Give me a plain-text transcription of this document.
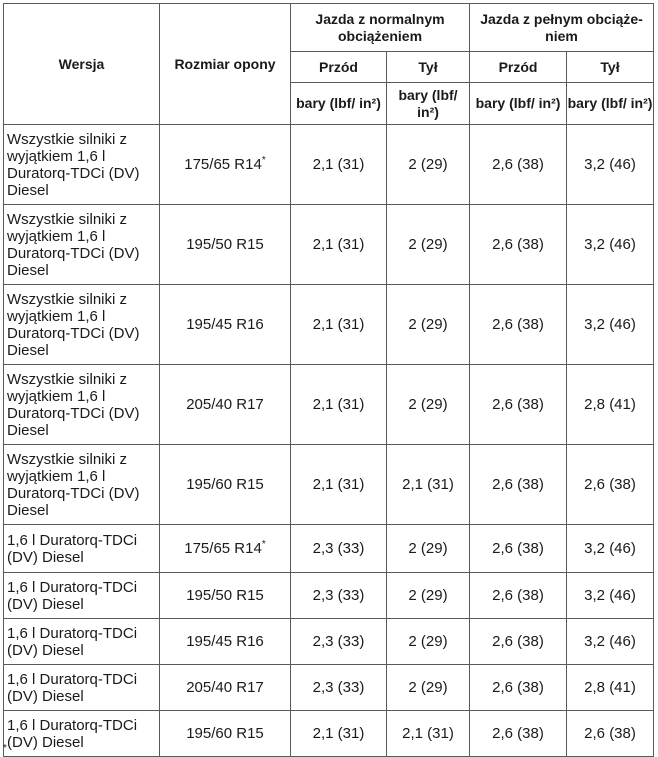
Wersja	Rozmiar opony	Jazda z normalnym obciążeniem		Jazda z pełnym obciąże-niem	
		Przód	Tył	Przód	Tył
		bary (lbf/ in²)	bary (lbf/ in²)	bary (lbf/ in²)	bary (lbf/ in²)
Wszystkie silniki z wyjątkiem 1,6 l Duratorq-TDCi (DV) Diesel	175/65 R14*	2,1 (31)	2 (29)	2,6 (38)	3,2 (46)
Wszystkie silniki z wyjątkiem 1,6 l Duratorq-TDCi (DV) Diesel	195/50 R15	2,1 (31)	2 (29)	2,6 (38)	3,2 (46)
Wszystkie silniki z wyjątkiem 1,6 l Duratorq-TDCi (DV) Diesel	195/45 R16	2,1 (31)	2 (29)	2,6 (38)	3,2 (46)
Wszystkie silniki z wyjątkiem 1,6 l Duratorq-TDCi (DV) Diesel	205/40 R17	2,1 (31)	2 (29)	2,6 (38)	2,8 (41)
Wszystkie silniki z wyjątkiem 1,6 l Duratorq-TDCi (DV) Diesel	195/60 R15	2,1 (31)	2,1 (31)	2,6 (38)	2,6 (38)
1,6 l Duratorq-TDCi (DV) Diesel	175/65 R14*	2,3 (33)	2 (29)	2,6 (38)	3,2 (46)
1,6 l Duratorq-TDCi (DV) Diesel	195/50 R15	2,3 (33)	2 (29)	2,6 (38)	3,2 (46)
1,6 l Duratorq-TDCi (DV) Diesel	195/45 R16	2,3 (33)	2 (29)	2,6 (38)	3,2 (46)
1,6 l Duratorq-TDCi (DV) Diesel	205/40 R17	2,3 (33)	2 (29)	2,6 (38)	2,8 (41)
1,6 l Duratorq-TDCi (DV) Diesel	195/60 R15	2,1 (31)	2,1 (31)	2,6 (38)	2,6 (38)
*
